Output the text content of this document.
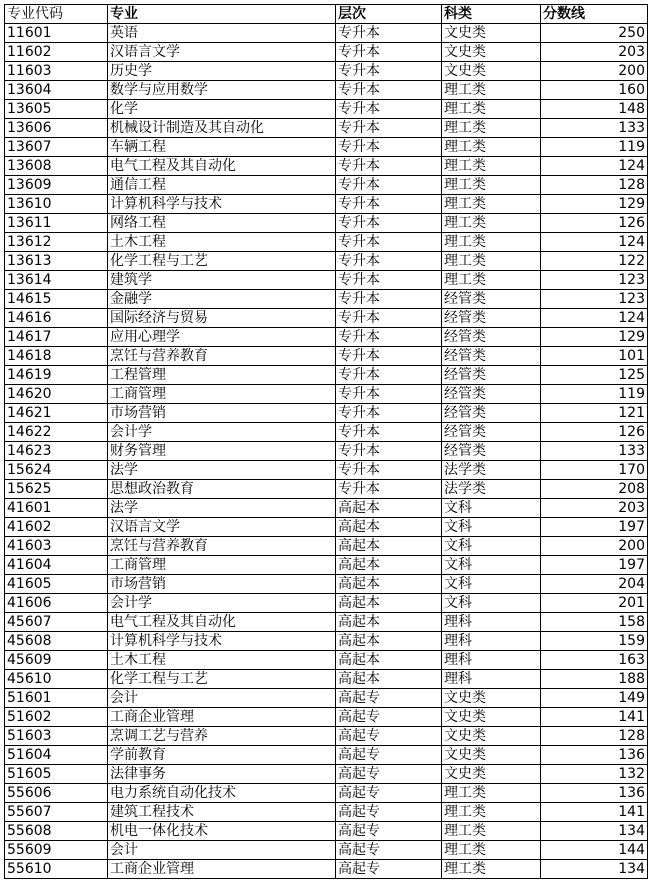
专业代码	专业	层次	科类	分数线
11601	英语	专升本	文史类	250
11602	汉语言文学	专升本	文史类	203
11603	历史学	专升本	文史类	200
13604	数学与应用数学	专升本	理工类	160
13605	化学	专升本	理工类	148
13606	机械设计制造及其自动化	专升本	理工类	133
13607	车辆工程	专升本	理工类	119
13608	电气工程及其自动化	专升本	理工类	124
13609	通信工程	专升本	理工类	128
13610	计算机科学与技术	专升本	理工类	129
13611	网络工程	专升本	理工类	126
13612	土木工程	专升本	理工类	124
13613	化学工程与工艺	专升本	理工类	122
13614	建筑学	专升本	理工类	123
14615	金融学	专升本	经管类	123
14616	国际经济与贸易	专升本	经管类	124
14617	应用心理学	专升本	经管类	129
14618	烹饪与营养教育	专升本	经管类	101
14619	工程管理	专升本	经管类	125
14620	工商管理	专升本	经管类	119
14621	市场营销	专升本	经管类	121
14622	会计学	专升本	经管类	126
14623	财务管理	专升本	经管类	133
15624	法学	专升本	法学类	170
15625	思想政治教育	专升本	法学类	208
41601	法学	高起本	文科	203
41602	汉语言文学	高起本	文科	197
41603	烹饪与营养教育	高起本	文科	200
41604	工商管理	高起本	文科	197
41605	市场营销	高起本	文科	204
41606	会计学	高起本	文科	201
45607	电气工程及其自动化	高起本	理科	158
45608	计算机科学与技术	高起本	理科	159
45609	土木工程	高起本	理科	163
45610	化学工程与工艺	高起本	理科	188
51601	会计	高起专	文史类	149
51602	工商企业管理	高起专	文史类	141
51603	烹调工艺与营养	高起专	文史类	128
51604	学前教育	高起专	文史类	136
51605	法律事务	高起专	文史类	132
55606	电力系统自动化技术	高起专	理工类	136
55607	建筑工程技术	高起专	理工类	141
55608	机电一体化技术	高起专	理工类	134
55609	会计	高起专	理工类	144
55610	工商企业管理	高起专	理工类	134
